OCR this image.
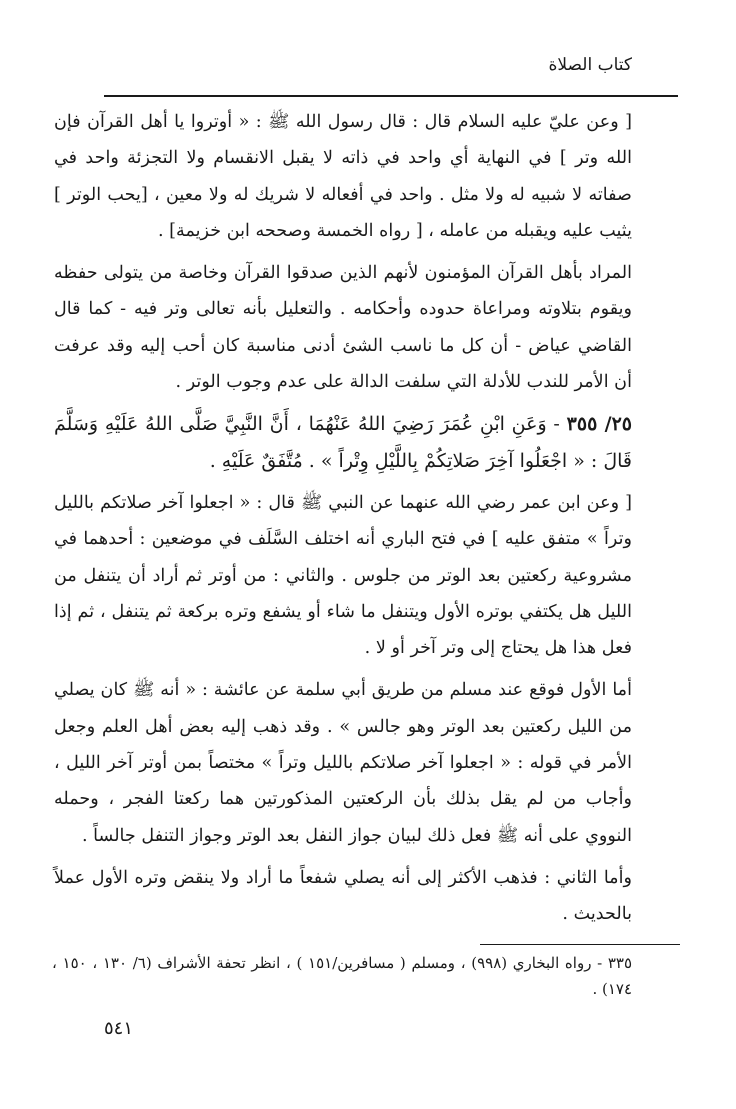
كتاب الصلاة

[ وعن عليّ عليه السلام قال : قال رسول الله ﷺ : « أوتروا يا أهل القرآن فإن الله وتر ] في النهاية أي واحد في ذاته لا يقبل الانقسام ولا التجزئة واحد في صفاته لا شبيه له ولا مثل . واحد في أفعاله لا شريك له ولا معين ، [يحب الوتر ] يثيب عليه ويقبله من عامله ، [ رواه الخمسة وصححه ابن خزيمة] .

المراد بأهل القرآن المؤمنون لأنهم الذين صدقوا القرآن وخاصة من يتولى حفظه ويقوم بتلاوته ومراعاة حدوده وأحكامه . والتعليل بأنه تعالى وتر فيه - كما قال القاضي عياض - أن كل ما ناسب الشئ أدنى مناسبة كان أحب إليه وقد عرفت أن الأمر للندب للأدلة التي سلفت الدالة على عدم وجوب الوتر .

٢٥/ ٣٥٥ - وَعَنِ ابْنِ عُمَرَ رَضِيَ اللهُ عَنْهُمَا ، أَنَّ النَّبِيَّ صَلَّى اللهُ عَلَيْهِ وَسَلَّمَ قَالَ : « اجْعَلُوا آخِرَ صَلاتِكُمْ بِاللَّيْلِ وِتْراً » . مُتَّفَقٌ عَلَيْهِ .

[ وعن ابن عمر رضي الله عنهما عن النبي ﷺ قال : « اجعلوا آخر صلاتكم بالليل وتراً » متفق عليه ] في فتح الباري أنه اختلف السَّلَف في موضعين : أحدهما في مشروعية ركعتين بعد الوتر من جلوس . والثاني : من أوتر ثم أراد أن يتنفل من الليل هل يكتفي بوتره الأول ويتنفل ما شاء أو يشفع وتره بركعة ثم يتنفل ، ثم إذا فعل هذا هل يحتاج إلى وتر آخر أو لا .

أما الأول فوقع عند مسلم من طريق أبي سلمة عن عائشة : « أنه ﷺ كان يصلي من الليل ركعتين بعد الوتر وهو جالس » . وقد ذهب إليه بعض أهل العلم وجعل الأمر في قوله : « اجعلوا آخر صلاتكم بالليل وتراً » مختصاً بمن أوتر آخر الليل ، وأجاب من لم يقل بذلك بأن الركعتين المذكورتين هما ركعتا الفجر ، وحمله النووي على أنه ﷺ فعل ذلك لبيان جواز النفل بعد الوتر وجواز التنفل جالساً .

وأما الثاني : فذهب الأكثر إلى أنه يصلي شفعاً ما أراد ولا ينقض وتره الأول عملاً بالحديث .

٣٣٥ - رواه البخاري (٩٩٨) ، ومسلم ( مسافرين/١٥١ ) ، انظر تحفة الأشراف (٦/ ١٣٠ ، ١٥٠ ، ١٧٤) .
٥٤١
